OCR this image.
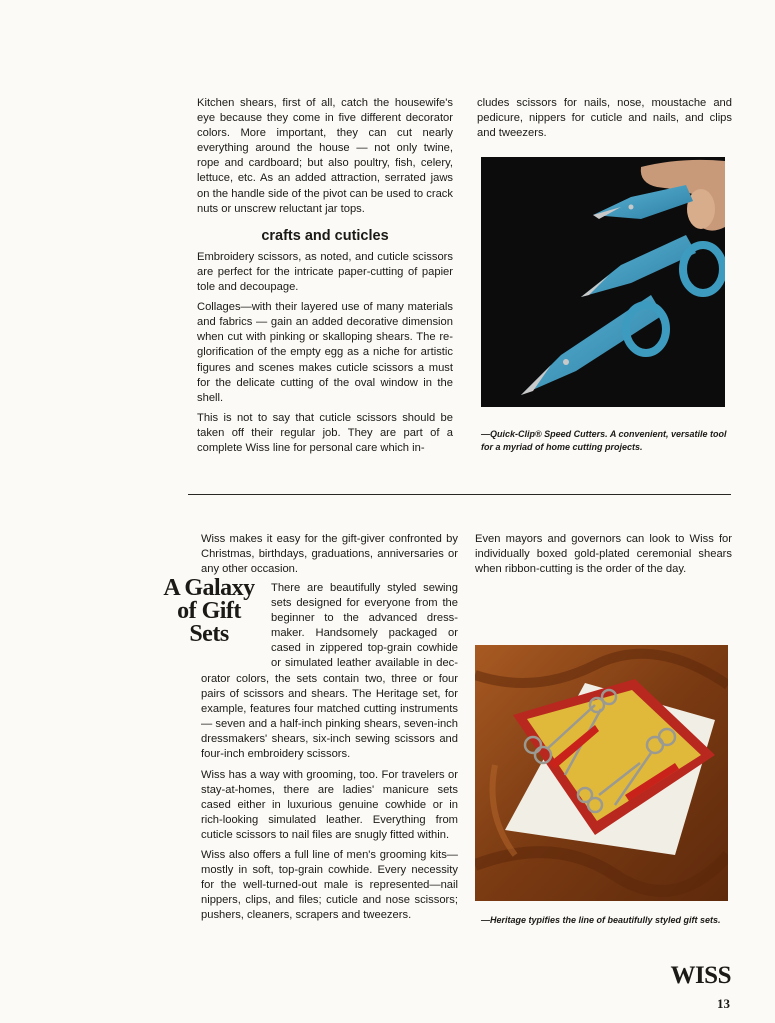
Kitchen shears, first of all, catch the housewife's eye because they come in five different decorator colors. More important, they can cut nearly everything around the house — not only twine, rope and cardboard; but also poultry, fish, celery, lettuce, etc. As an added attraction, serrated jaws on the handle side of the pivot can be used to crack nuts or unscrew reluctant jar tops.

crafts and cuticles

Embroidery scissors, as noted, and cuticle scissors are perfect for the intricate paper-cutting of papier tole and decoupage.

Collages—with their layered use of many materials and fabrics — gain an added decorative dimension when cut with pinking or skalloping shears. The re-glorification of the empty egg as a niche for artistic figures and scenes makes cuticle scissors a must for the delicate cutting of the oval window in the shell.

This is not to say that cuticle scissors should be taken off their regular job. They are part of a complete Wiss line for personal care which in-

cludes scissors for nails, nose, moustache and pedicure, nippers for cuticle and nails, and clips and tweezers.

—Quick-Clip® Speed Cutters. A convenient, versatile tool for a myriad of home cutting projects.
A Galaxy
of Gift
Sets

Wiss makes it easy for the gift-giver confronted by Christmas, birthdays, graduations, anniversaries or any other occasion.

There are beautifully styled sewing
sets designed for everyone from the
beginner to the advanced dress-
maker. Handsomely packaged or
cased in zippered top-grain cowhide
or simulated leather available in dec-

orator colors, the sets contain two, three or four pairs of scissors and shears. The Heritage set, for example, features four matched cutting instruments — seven and a half-inch pinking shears, seven-inch dressmakers' shears, six-inch sewing scissors and four-inch embroidery scissors.

Wiss has a way with grooming, too. For travelers or stay-at-homes, there are ladies' manicure sets cased either in luxurious genuine cowhide or in rich-looking simulated leather. Everything from cuticle scissors to nail files are snugly fitted within.

Wiss also offers a full line of men's grooming kits—mostly in soft, top-grain cowhide. Every necessity for the well-turned-out male is represented—nail nippers, clips, and files; cuticle and nose scissors; pushers, cleaners, scrapers and tweezers.

Even mayors and governors can look to Wiss for individually boxed gold-plated ceremonial shears when ribbon-cutting is the order of the day.

—Heritage typifies the line of beautifully styled gift sets.
WISS
13
